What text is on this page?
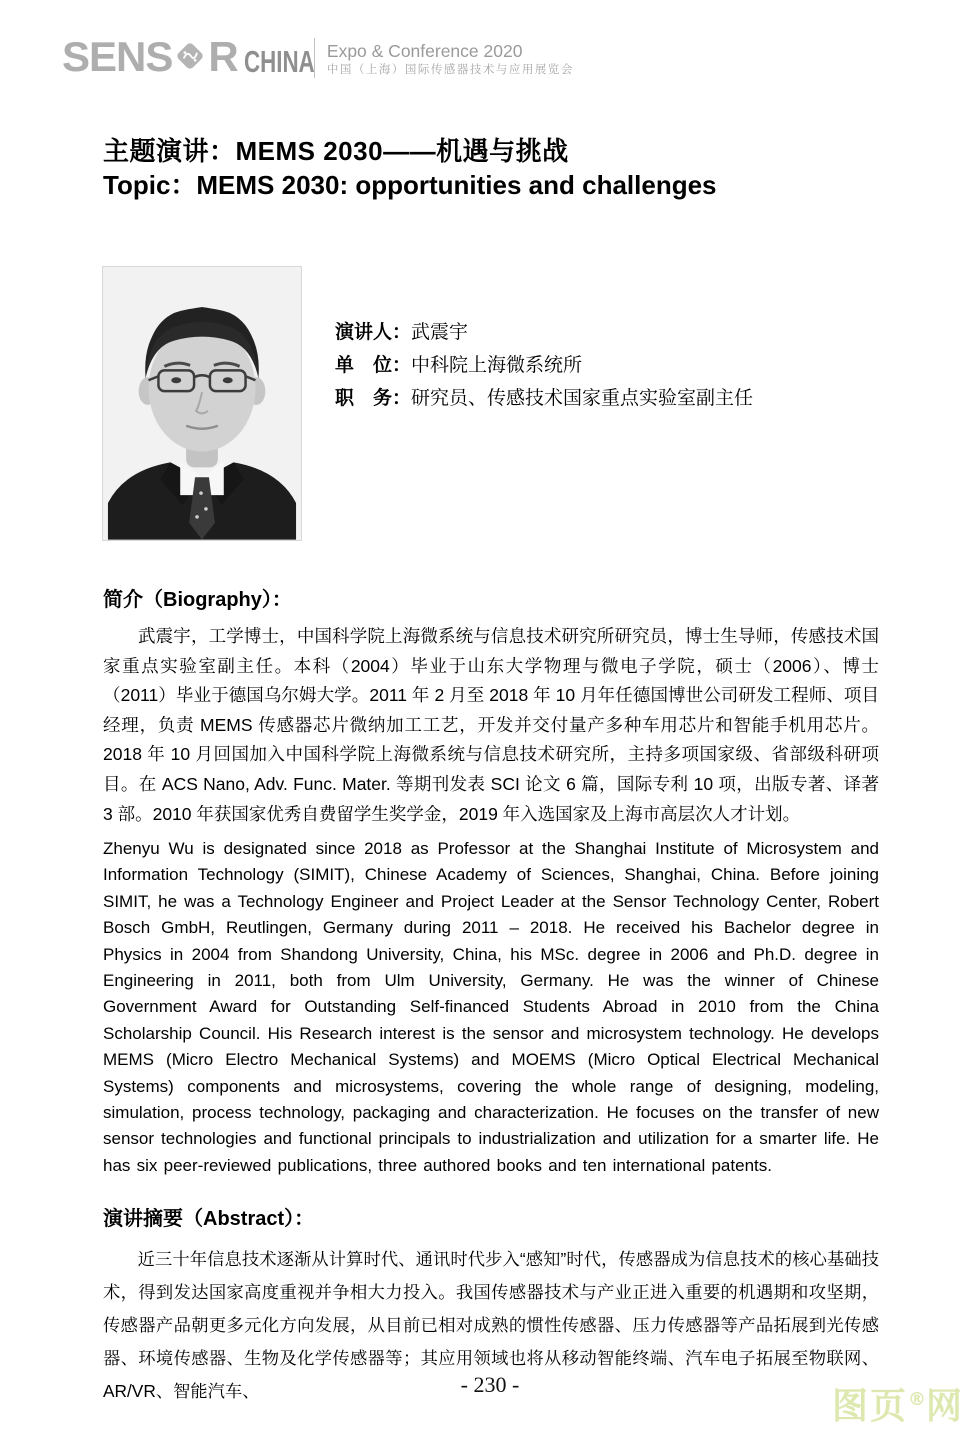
SENS R CHINA Expo & Conference 2020
中国（上海）国际传感器技术与应用展览会
主题演讲：MEMS 2030——机遇与挑战
Topic：MEMS 2030: opportunities and challenges
演讲人：武震宇
单　位：中科院上海微系统所
职　务：研究员、传感技术国家重点实验室副主任
简介（Biography）：
武震宇，工学博士，中国科学院上海微系统与信息技术研究所研究员，博士生导师，传感技术国家重点实验室副主任。本科（2004）毕业于山东大学物理与微电子学院，硕士（2006）、博士（2011）毕业于德国乌尔姆大学。2011 年 2 月至 2018 年 10 月年任德国博世公司研发工程师、项目经理，负责 MEMS 传感器芯片微纳加工工艺，开发并交付量产多种车用芯片和智能手机用芯片。2018 年 10 月回国加入中国科学院上海微系统与信息技术研究所，主持多项国家级、省部级科研项目。在 ACS Nano, Adv. Func. Mater. 等期刊发表 SCI 论文 6 篇，国际专利 10 项，出版专著、译著 3 部。2010 年获国家优秀自费留学生奖学金，2019 年入选国家及上海市高层次人才计划。
Zhenyu Wu is designated since 2018 as Professor at the Shanghai Institute of Microsystem and Information Technology (SIMIT), Chinese Academy of Sciences, Shanghai, China. Before joining SIMIT, he was a Technology Engineer and Project Leader at the Sensor Technology Center, Robert Bosch GmbH, Reutlingen, Germany during 2011 – 2018. He received his Bachelor degree in Physics in 2004 from Shandong University, China, his MSc. degree in 2006 and Ph.D. degree in Engineering in 2011, both from Ulm University, Germany. He was the winner of Chinese Government Award for Outstanding Self-financed Students Abroad in 2010 from the China Scholarship Council. His Research interest is the sensor and microsystem technology. He develops MEMS (Micro Electro Mechanical Systems) and MOEMS (Micro Optical Electrical Mechanical Systems) components and microsystems, covering the whole range of designing, modeling, simulation, process technology, packaging and characterization. He focuses on the transfer of new sensor technologies and functional principals to industrialization and utilization for a smarter life. He has six peer-reviewed publications, three authored books and ten international patents.
演讲摘要（Abstract）：
近三十年信息技术逐渐从计算时代、通讯时代步入“感知”时代，传感器成为信息技术的核心基础技术，得到发达国家高度重视并争相大力投入。我国传感器技术与产业正进入重要的机遇期和攻坚期，传感器产品朝更多元化方向发展，从目前已相对成熟的惯性传感器、压力传感器等产品拓展到光传感器、环境传感器、生物及化学传感器等；其应用领域也将从移动智能终端、汽车电子拓展至物联网、AR/VR、智能汽车、	- 230 -
图页®网
